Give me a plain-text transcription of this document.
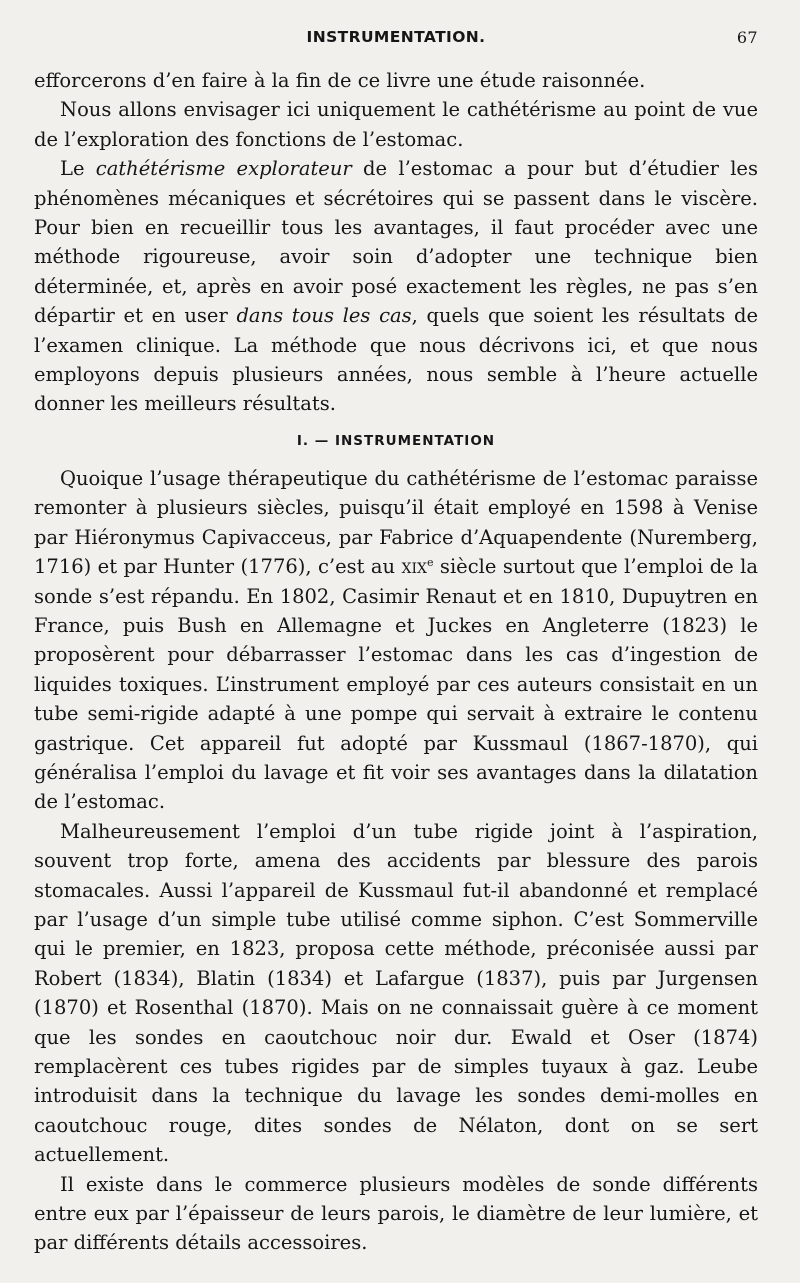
INSTRUMENTATION.	67

efforcerons d’en faire à la fin de ce livre une étude raisonnée.

Nous allons envisager ici uniquement le cathétérisme au point de vue de l’exploration des fonctions de l’estomac.

Le cathétérisme explorateur de l’estomac a pour but d’étudier les phénomènes mécaniques et sécrétoires qui se passent dans le viscère. Pour bien en recueillir tous les avantages, il faut procéder avec une méthode rigoureuse, avoir soin d’adopter une technique bien déterminée, et, après en avoir posé exactement les règles, ne pas s’en départir et en user dans tous les cas, quels que soient les résultats de l’examen clinique. La méthode que nous décrivons ici, et que nous employons depuis plusieurs années, nous semble à l’heure actuelle donner les meilleurs résultats.

I. — INSTRUMENTATION

Quoique l’usage thérapeutique du cathétérisme de l’estomac paraisse remonter à plusieurs siècles, puisqu’il était employé en 1598 à Venise par Hiéronymus Capivacceus, par Fabrice d’Aquapendente (Nuremberg, 1716) et par Hunter (1776), c’est au xix$^e$ siècle surtout que l’emploi de la sonde s’est répandu. En 1802, Casimir Renaut et en 1810, Dupuytren en France, puis Bush en Allemagne et Juckes en Angleterre (1823) le proposèrent pour débarrasser l’estomac dans les cas d’ingestion de liquides toxiques. L’instrument employé par ces auteurs consistait en un tube semi-rigide adapté à une pompe qui servait à extraire le contenu gastrique. Cet appareil fut adopté par Kussmaul (1867-1870), qui généralisa l’emploi du lavage et fit voir ses avantages dans la dilatation de l’estomac.

Malheureusement l’emploi d’un tube rigide joint à l’aspiration, souvent trop forte, amena des accidents par blessure des parois stomacales. Aussi l’appareil de Kussmaul fut-il abandonné et remplacé par l’usage d’un simple tube utilisé comme siphon. C’est Sommerville qui le premier, en 1823, proposa cette méthode, préconisée aussi par Robert (1834), Blatin (1834) et Lafargue (1837), puis par Jurgensen (1870) et Rosenthal (1870). Mais on ne connaissait guère à ce moment que les sondes en caoutchouc noir dur. Ewald et Oser (1874) remplacèrent ces tubes rigides par de simples tuyaux à gaz. Leube introduisit dans la technique du lavage les sondes demi-molles en caoutchouc rouge, dites sondes de Nélaton, dont on se sert actuellement.

Il existe dans le commerce plusieurs modèles de sonde différents entre eux par l’épaisseur de leurs parois, le diamètre de leur lumière, et par différents détails accessoires.
